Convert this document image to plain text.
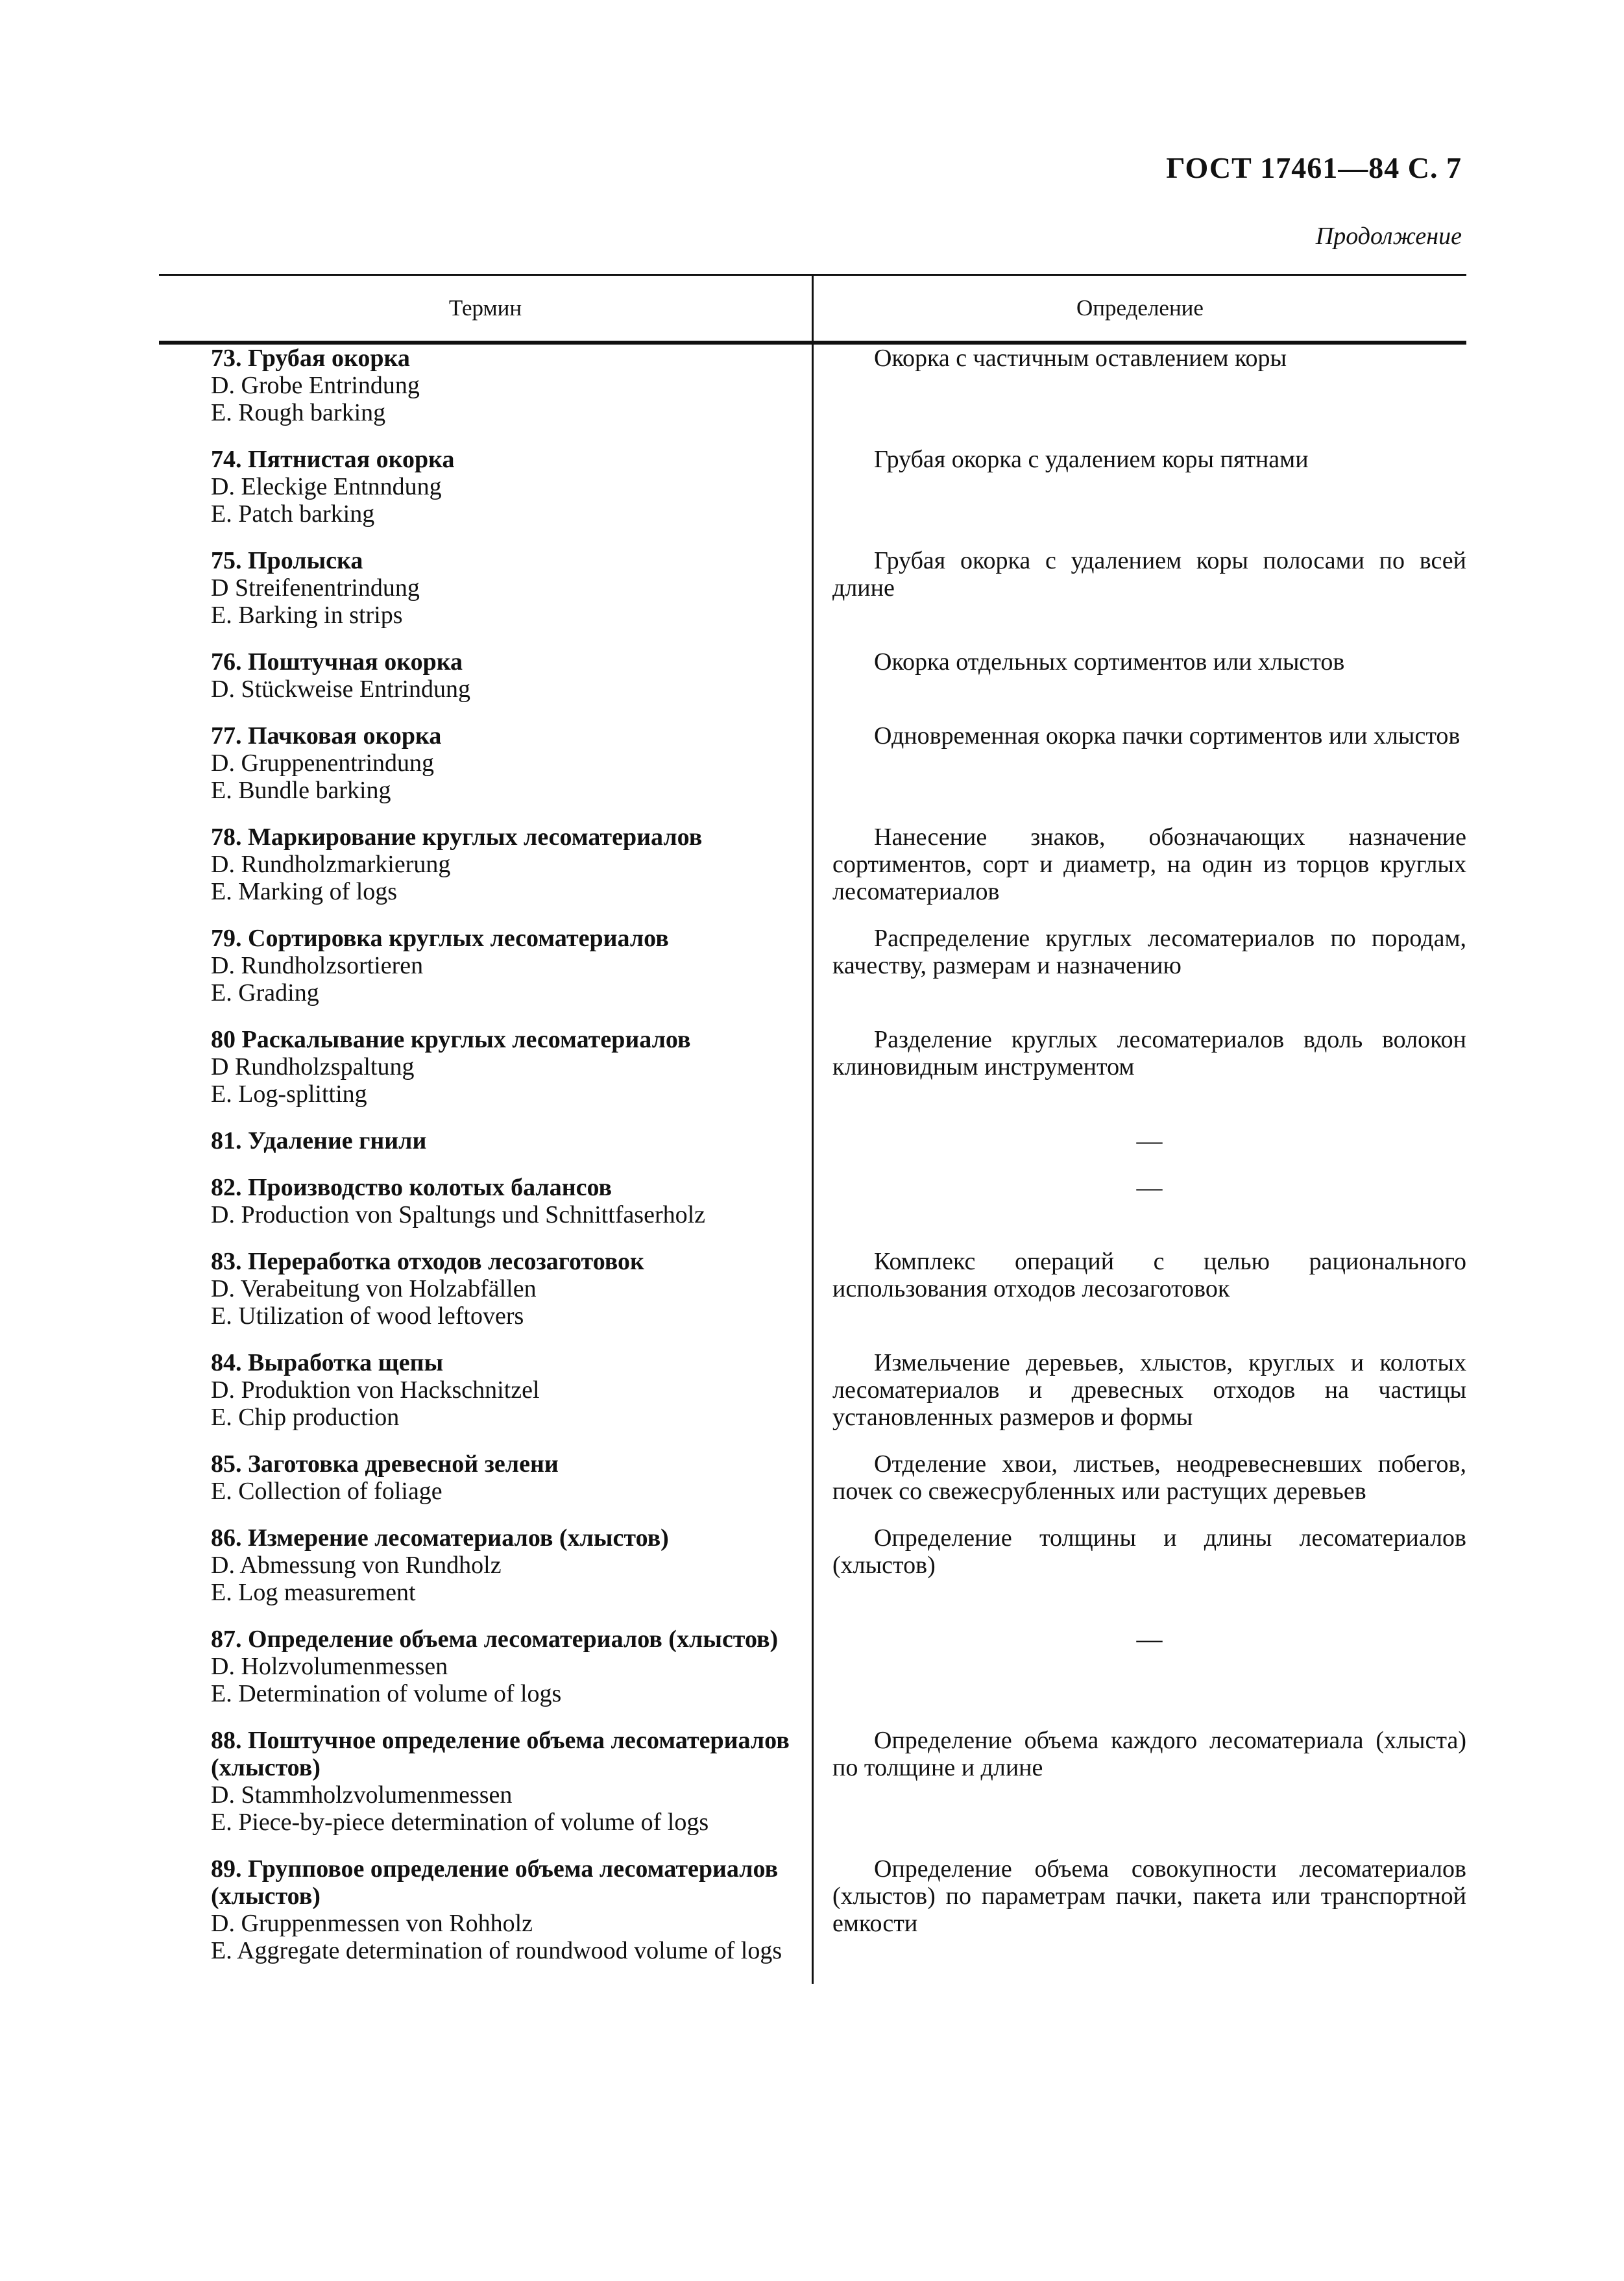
ГОСТ 17461—84 С. 7
Продолжение
Термин	Определение
73. Грубая окорка
D. Grobe Entrindung
E. Rough barking
Окорка с частичным оставлением коры
74. Пятнистая окорка
D. Eleckige Entnndung
E. Patch barking
Грубая окорка с удалением коры пятнами
75. Пролыска
D Streifenentrindung
E. Barking in strips
Грубая окорка с удалением коры полосами по всей длине
76. Поштучная окорка
D. Stückweise Entrindung
Окорка отдельных сортиментов или хлыстов
77. Пачковая окорка
D. Gruppenentrindung
E. Bundle barking
Одновременная окорка пачки сортиментов или хлыстов
78. Маркирование круглых лесоматериалов
D. Rundholzmarkierung
E. Marking of logs
Нанесение знаков, обозначающих назначение сортиментов, сорт и диаметр, на один из торцов круглых лесоматериалов
79. Сортировка круглых лесоматериалов
D. Rundholzsortieren
E. Grading
Распределение круглых лесоматериалов по породам, качеству, размерам и назначению
80 Раскалывание круглых лесоматериалов
D Rundholzspaltung
E. Log-splitting
Разделение круглых лесоматериалов вдоль волокон клиновидным инструментом
81. Удаление гнили	—
82. Производство колотых балансов
D. Production von Spaltungs und Schnittfaserholz
—
83. Переработка отходов лесозаготовок
D. Verabeitung von Holzabfällen
E. Utilization of wood leftovers
Комплекс операций с целью рационального использования отходов лесозаготовок
84. Выработка щепы
D. Produktion von Hackschnitzel
E. Chip production
Измельчение деревьев, хлыстов, круглых и колотых лесоматериалов и древесных отходов на частицы установленных размеров и формы
85. Заготовка древесной зелени
E. Collection of foliage
Отделение хвои, листьев, неодревесневших побегов, почек со свежесрубленных или растущих деревьев
86. Измерение лесоматериалов (хлыстов)
D. Abmessung von Rundholz
E. Log measurement
Определение толщины и длины лесоматериалов (хлыстов)
87. Определение объема лесоматериалов (хлыстов)
D. Holzvolumenmessen
E. Determination of volume of logs
—
88. Поштучное определение объема лесоматериалов (хлыстов)
D. Stammholzvolumenmessen
E. Piece-by-piece determination of volume of logs
Определение объема каждого лесоматериала (хлыста) по толщине и длине
89. Групповое определение объема лесоматериалов (хлыстов)
D. Gruppenmessen von Rohholz
E. Aggregate determination of roundwood volume of logs
Определение объема совокупности лесоматериалов (хлыстов) по параметрам пачки, пакета или транспортной емкости
